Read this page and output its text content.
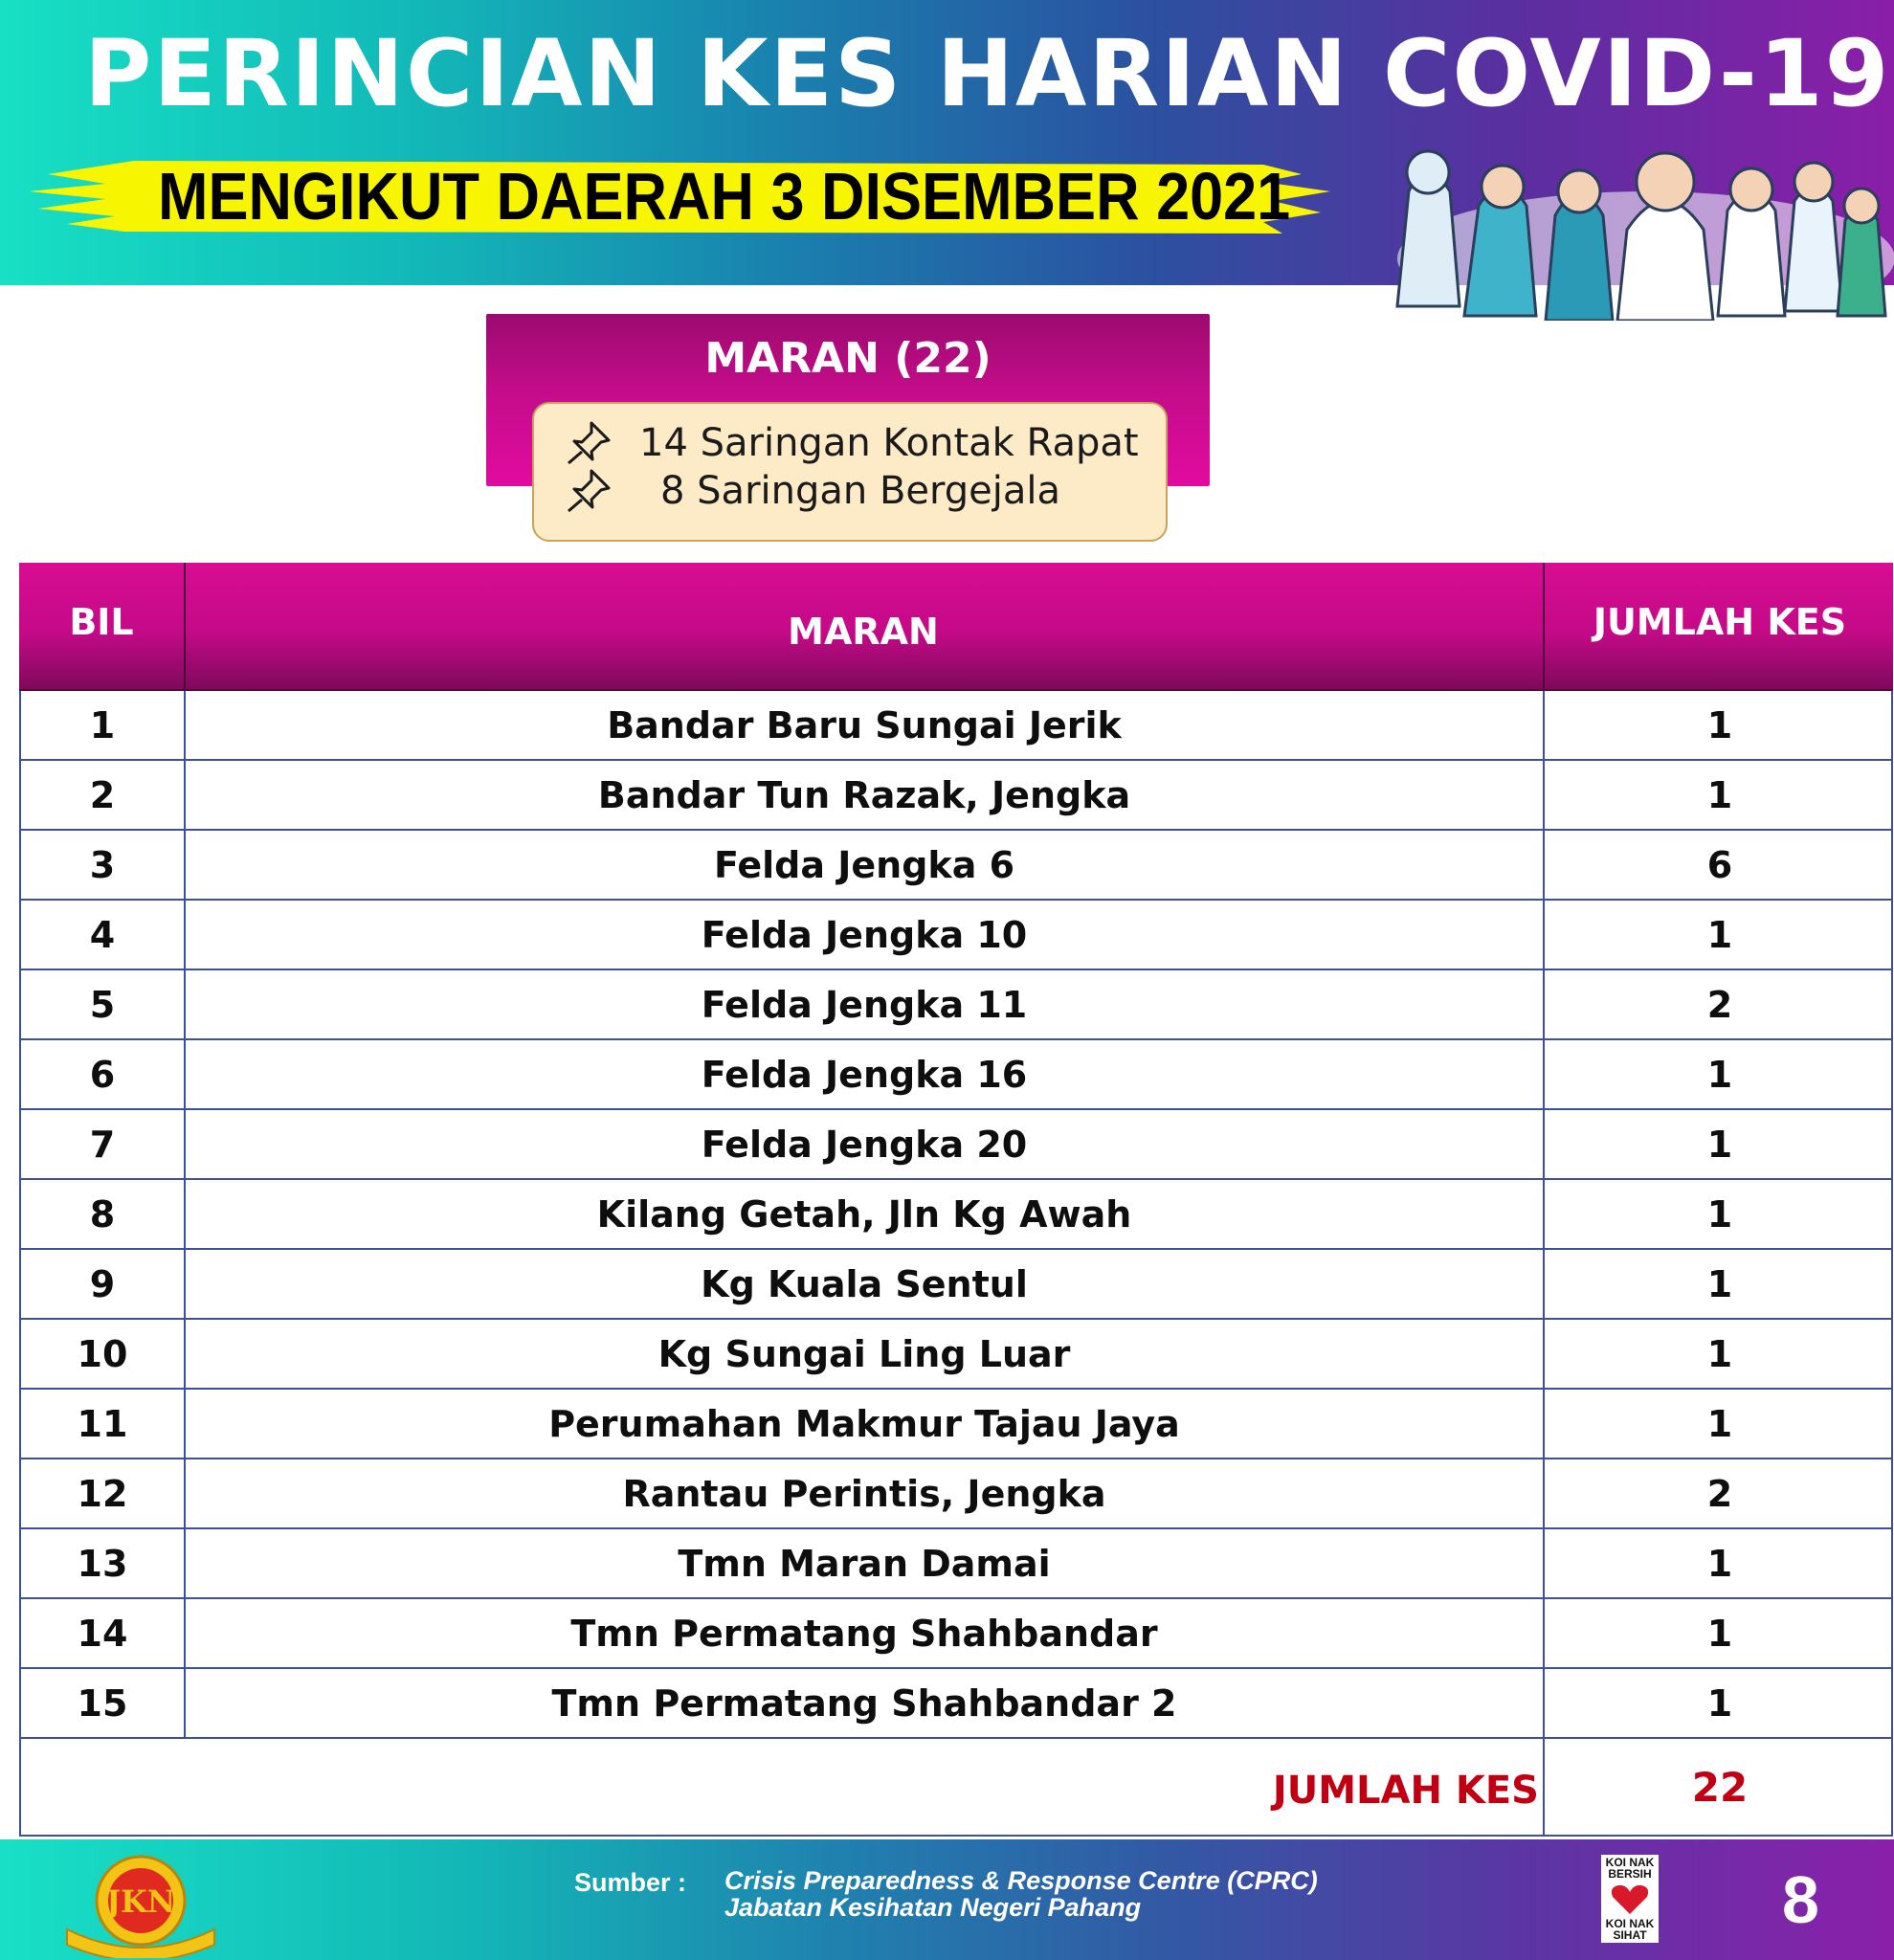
PERINCIAN KES HARIAN COVID-19
MENGIKUT DAERAH 3 DISEMBER 2021
MARAN (22)
14 Saringan Kontak Rapat
8 Saringan Bergejala
BIL	MARAN	JUMLAH KES
1	Bandar Baru Sungai Jerik	1
2	Bandar Tun Razak, Jengka	1
3	Felda Jengka 6	6
4	Felda Jengka 10	1
5	Felda Jengka 11	2
6	Felda Jengka 16	1
7	Felda Jengka 20	1
8	Kilang Getah, Jln Kg Awah	1
9	Kg Kuala Sentul	1
10	Kg Sungai Ling Luar	1
11	Perumahan Makmur Tajau Jaya	1
12	Rantau Perintis, Jengka	2
13	Tmn Maran Damai	1
14	Tmn Permatang Shahbandar	1
15	Tmn Permatang Shahbandar 2	1
JUMLAH KES	22
JKN
Sumber : Crisis Preparedness & Response Centre (CPRC)
Jabatan Kesihatan Negeri Pahang
KOI NAK BERSIH
KOI NAK SIHAT 8
